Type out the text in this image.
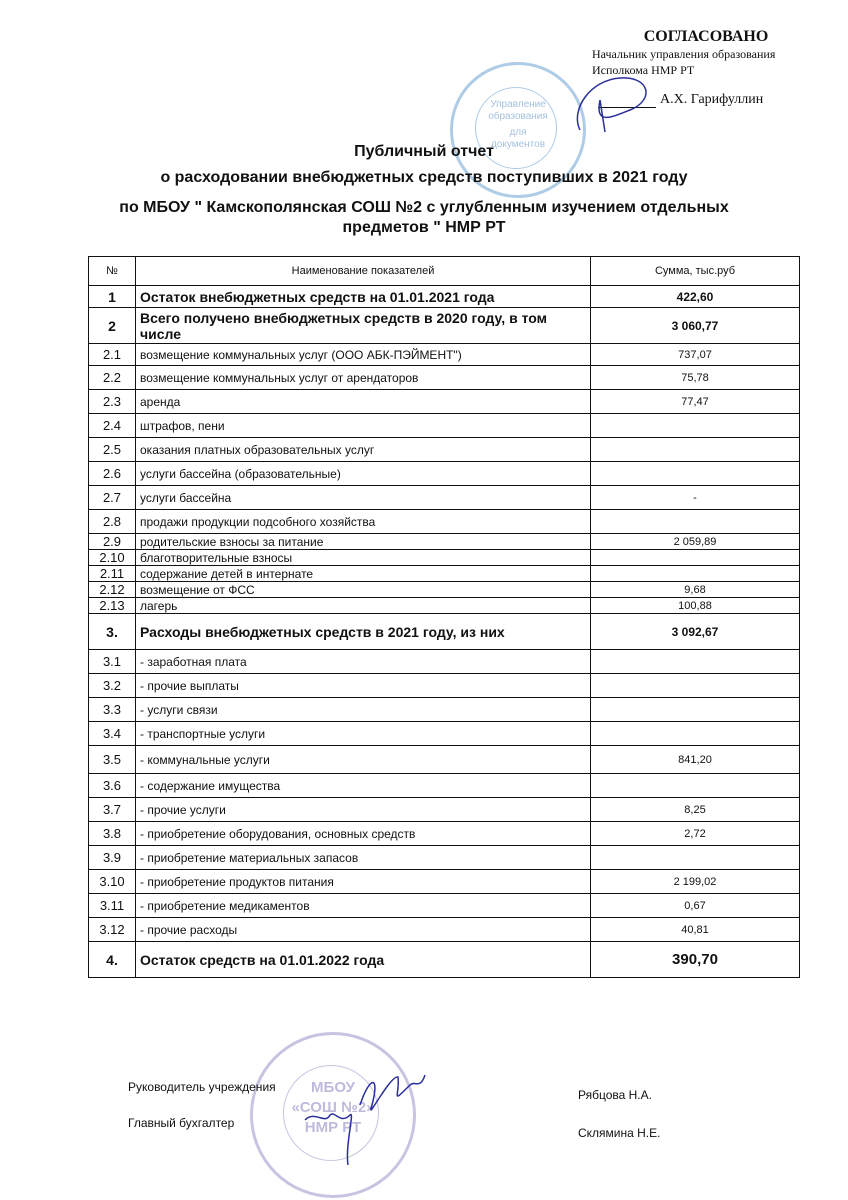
СОГЛАСОВАНО
Начальник управления образования
Исполкома НМР РТ
А.Х. Гарифуллин
Управление
образования
для
документов
Публичный отчет
о расходовании внебюджетных средств поступивших в 2021 году
по МБОУ " Камскополянская СОШ №2 с углубленным изучением отдельных
предметов " НМР РТ
№	Наименование показателей	Сумма, тыс.руб
1	Остаток внебюджетных средств на 01.01.2021 года	422,60
2	Всего получено внебюджетных средств в 2020 году, в том числе	3 060,77
2.1	возмещение коммунальных услуг (ООО АБК-ПЭЙМЕНТ")	737,07
2.2	возмещение коммунальных услуг от арендаторов	75,78
2.3	аренда	77,47
2.4	штрафов, пени	
2.5	оказания платных образовательных услуг	
2.6	услуги бассейна (образовательные)	
2.7	услуги бассейна	-
2.8	продажи продукции подсобного хозяйства	
2.9	родительские взносы за питание	2 059,89
2.10	благотворительные взносы	
2.11	содержание детей в интернате	
2.12	возмещение от ФСС	9,68
2.13	лагерь	100,88
3.	Расходы внебюджетных средств в 2021 году, из них	3 092,67
3.1	- заработная плата	
3.2	- прочие выплаты	
3.3	- услуги связи	
3.4	- транспортные услуги	
3.5	- коммунальные услуги	841,20
3.6	- содержание имущества	
3.7	- прочие услуги	8,25
3.8	- приобретение оборудования, основных средств	2,72
3.9	- приобретение материальных запасов	
3.10	- приобретение продуктов питания	2 199,02
3.11	- приобретение медикаментов	0,67
3.12	- прочие расходы	40,81
4.	Остаток средств на 01.01.2022 года	390,70
МБОУ
«СОШ №2»
НМР РТ
Руководитель учреждения
Рябцова Н.А.
Главный бухгалтер
Склямина Н.Е.
